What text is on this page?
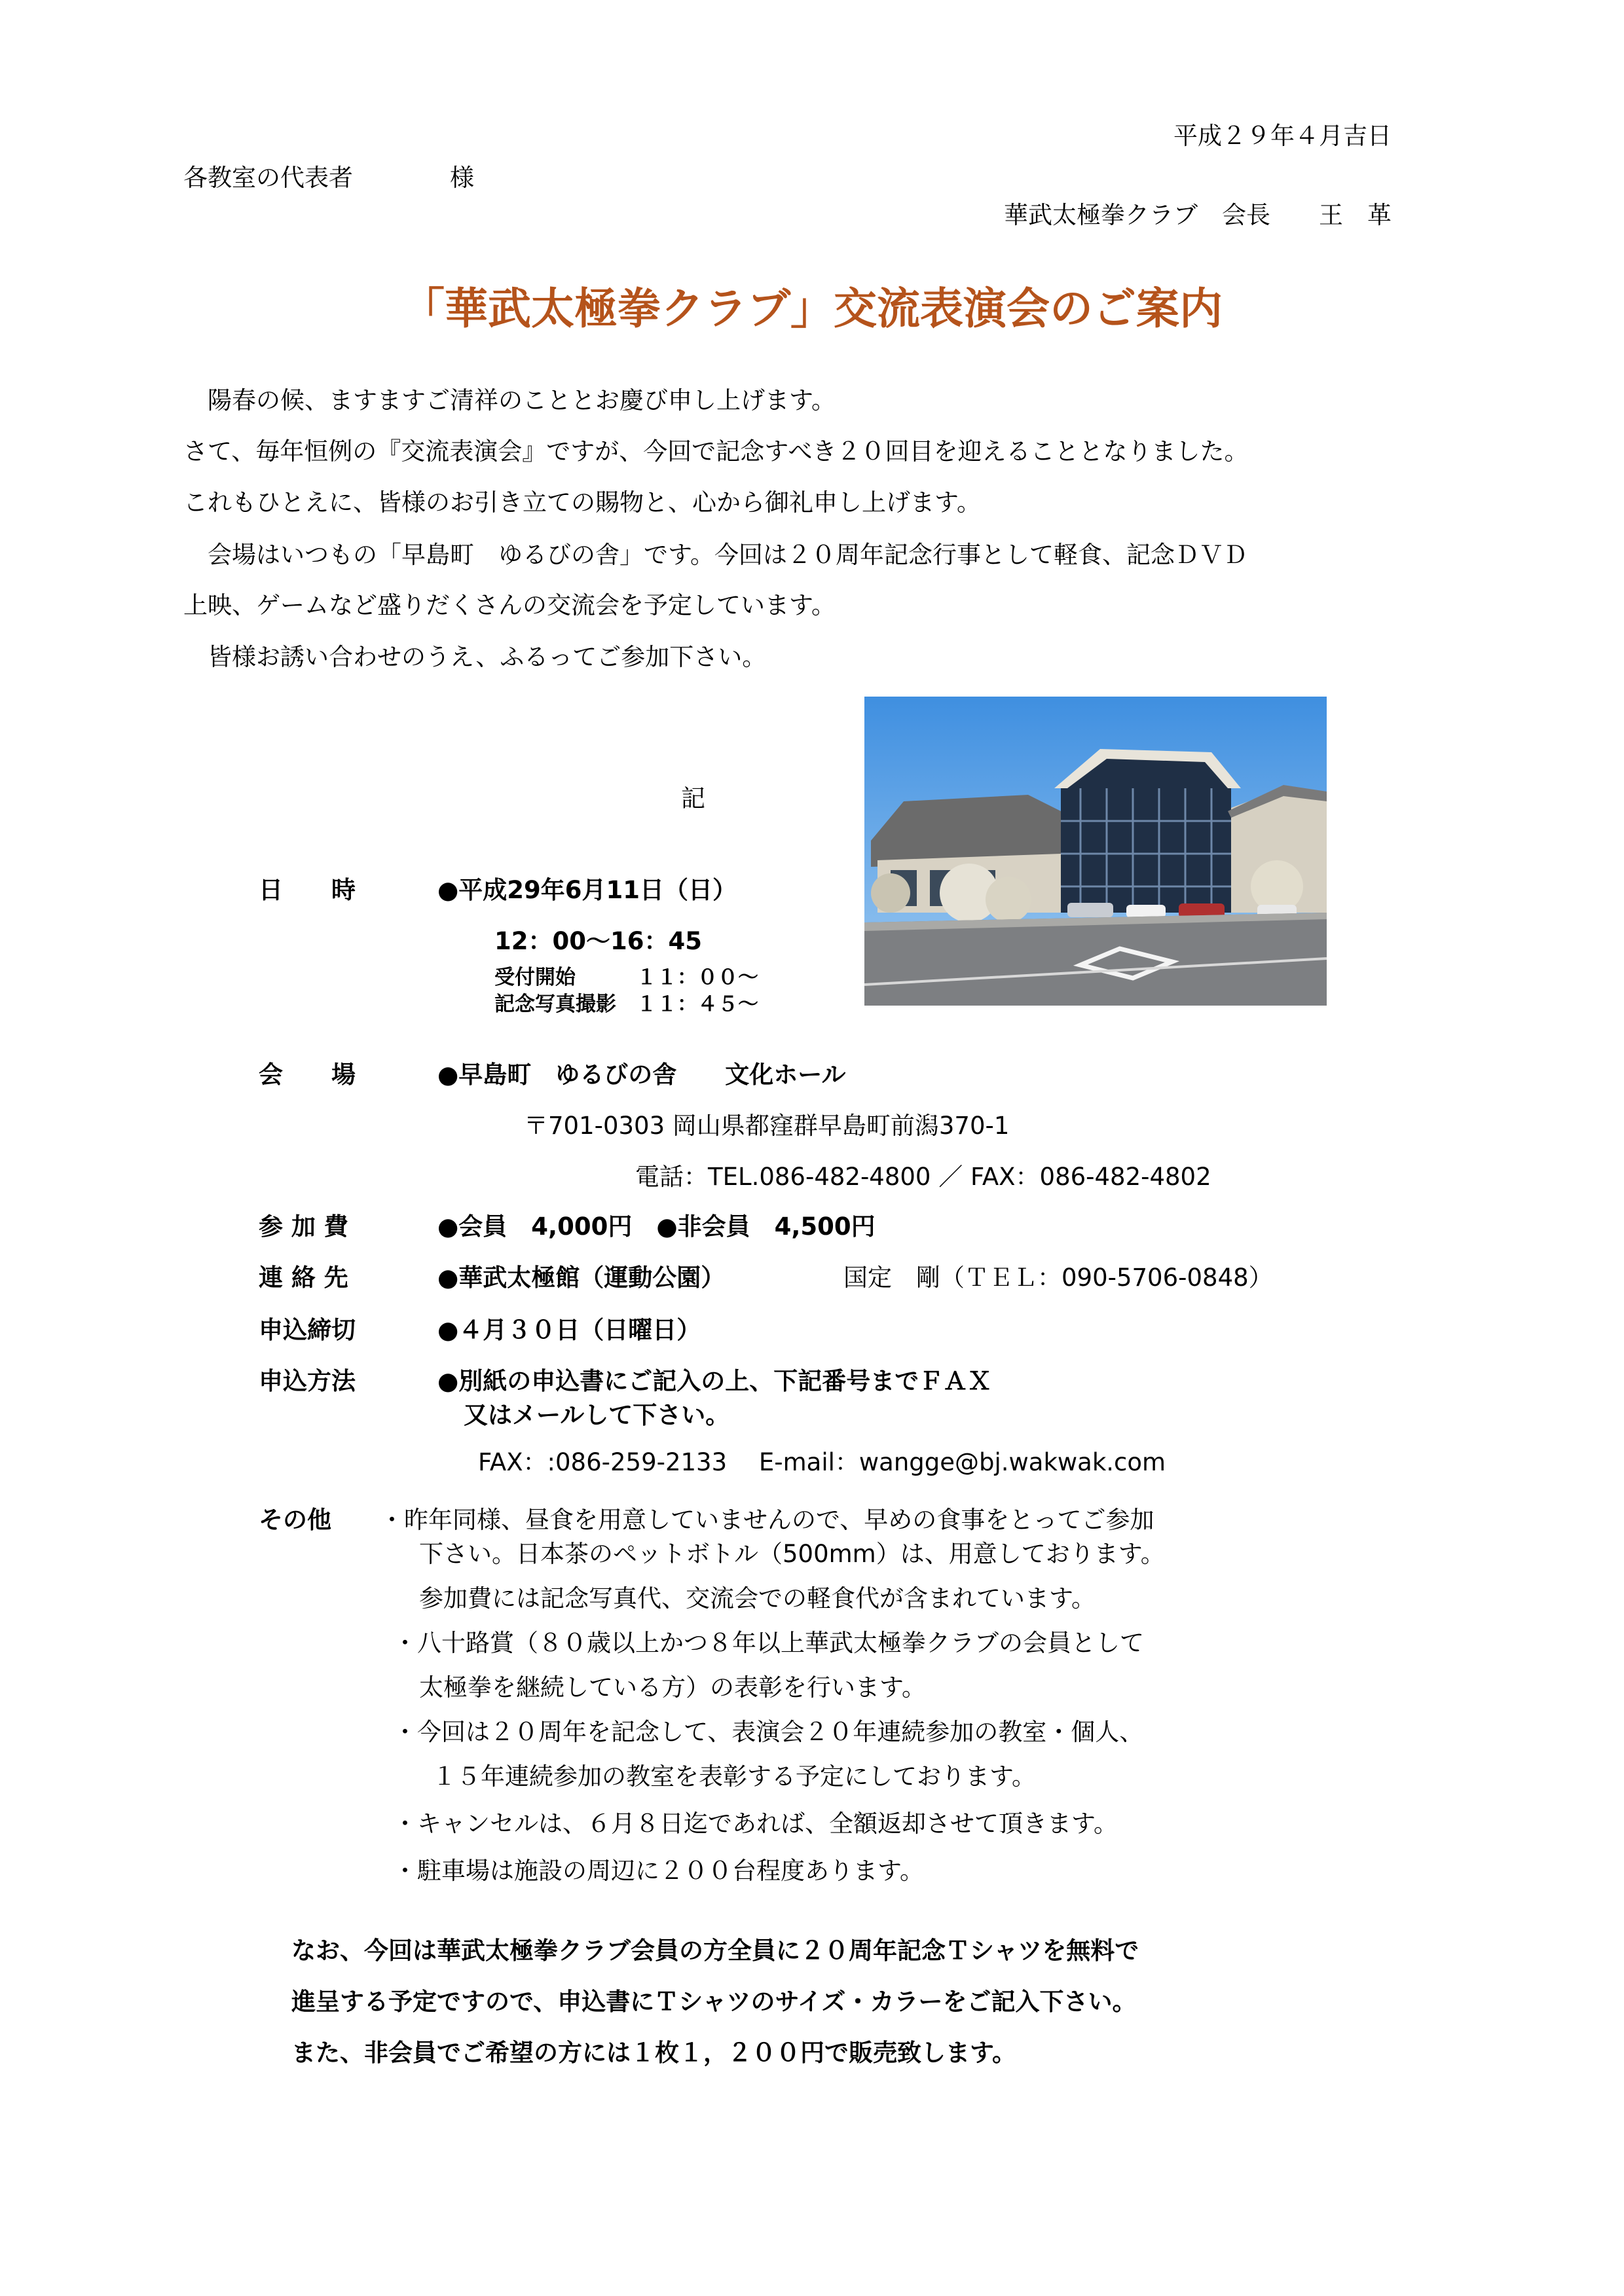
平成２９年４月吉日
各教室の代表者　　　　様
華武太極拳クラブ　会長　　王　革
「華武太極拳クラブ」交流表演会のご案内
　陽春の候、ますますご清祥のこととお慶び申し上げます。
さて、毎年恒例の『交流表演会』ですが、今回で記念すべき２０回目を迎えることとなりました。
これもひとえに、皆様のお引き立ての賜物と、心から御礼申し上げます。
　会場はいつもの「早島町　ゆるびの舎」です。今回は２０周年記念行事として軽食、記念ＤＶＤ
上映、ゲームなど盛りだくさんの交流会を予定しています。
　皆様お誘い合わせのうえ、ふるってご参加下さい。
記
日　　時	●平成29年6月11日（日）
12：00～16：45
受付開始　　　１１：００～
記念写真撮影　１１：４５～
会　　場	●早島町　ゆるびの舎　　文化ホール
〒701-0303 岡山県都窪群早島町前潟370-1
電話：TEL.086-482-4800 ／ FAX：086-482-4802
参 加 費	●会員　4,000円　●非会員　4,500円
連 絡 先	●華武太極館（運動公園）	国定　剛（ＴＥＬ：090-5706-0848）
申込締切	●４月３０日（日曜日）
申込方法	●別紙の申込書にご記入の上、下記番号までＦＡＸ
又はメールして下さい。
FAX：:086-259-2133　 E-mail：wangge@bj.wakwak.com
その他 ・昨年同様、昼食を用意していませんので、早めの食事をとってご参加
下さい。日本茶のペットボトル（500mm）は、用意しております。
参加費には記念写真代、交流会での軽食代が含まれています。
・八十路賞（８０歳以上かつ８年以上華武太極拳クラブの会員として
太極拳を継続している方）の表彰を行います。
・今回は２０周年を記念して、表演会２０年連続参加の教室・個人、
１５年連続参加の教室を表彰する予定にしております。
・キャンセルは、６月８日迄であれば、全額返却させて頂きます。
・駐車場は施設の周辺に２００台程度あります。
なお、今回は華武太極拳クラブ会員の方全員に２０周年記念Ｔシャツを無料で
進呈する予定ですので、申込書にＴシャツのサイズ・カラーをご記入下さい。
また、非会員でご希望の方には１枚１，２００円で販売致します。
